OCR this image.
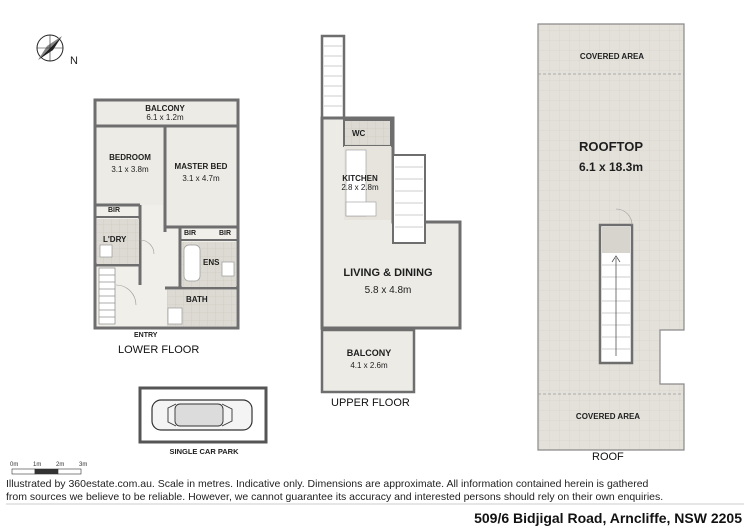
N
BALCONY
6.1 x 1.2m
BEDROOM
3.1 x 3.8m	MASTER BED
3.1 x 4.7m
BIR
BIR	BIR
L'DRY
ENS
BATH
ENTRY
LOWER FLOOR
WC
KITCHEN
2.8 x 2.8m
LIVING & DINING
5.8 x 4.8m
BALCONY
4.1 x 2.6m
UPPER FLOOR
COVERED AREA
ROOFTOP
6.1 x 18.3m
COVERED AREA
ROOF
SINGLE CAR PARK
0m 1m 2m 3m
Illustrated by 360estate.com.au. Scale in metres. Indicative only. Dimensions are approximate. All information contained herein is gathered
from sources we believe to be reliable. However, we cannot guarantee its accuracy and interested persons should rely on their own enquiries.
509/6 Bidjigal Road, Arncliffe, NSW 2205
